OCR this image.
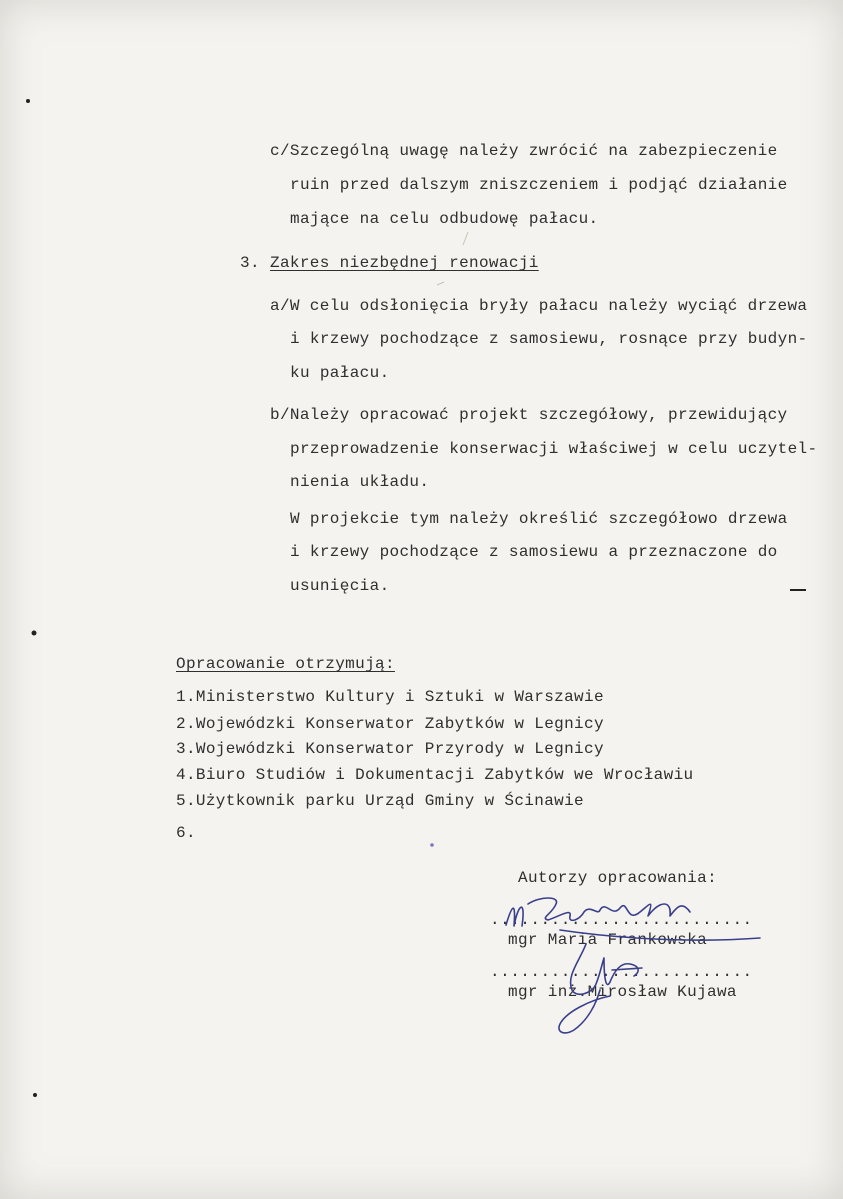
c/Szczególną uwagę należy zwrócić na zabezpieczenie
ruin przed dalszym zniszczeniem i podjąć działanie
mające na celu odbudowę pałacu.
3. Zakres niezbędnej renowacji
a/W celu odsłonięcia bryły pałacu należy wyciąć drzewa
i krzewy pochodzące z samosiewu, rosnące przy budyn-
ku pałacu.
b/Należy opracować projekt szczegółowy, przewidujący
przeprowadzenie konserwacji właściwej w celu uczytel-
nienia układu.
W projekcie tym należy określić szczegółowo drzewa
i krzewy pochodzące z samosiewu a przeznaczone do
usunięcia.
Opracowanie otrzymują:
1.Ministerstwo Kultury i Sztuki w Warszawie
2.Wojewódzki Konserwator Zabytków w Legnicy
3.Wojewódzki Konserwator Przyrody w Legnicy
4.Biuro Studiów i Dokumentacji Zabytków we Wrocławiu
5.Użytkownik parku Urząd Gminy w Ścinawie
6.
Autorzy opracowania:
..........................
mgr Maria Frankowska
..........................
mgr inż.Mirosław Kujawa
